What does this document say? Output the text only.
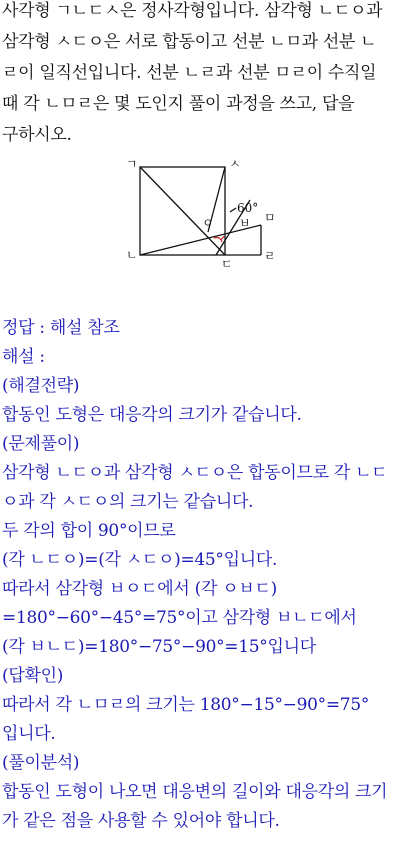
사각형 ㄱㄴㄷㅅ은 정사각형입니다. 삼각형 ㄴㄷㅇ과
삼각형 ㅅㄷㅇ은 서로 합동이고 선분 ㄴㅁ과 선분 ㄴ
ㄹ이 일직선입니다. 선분 ㄴㄹ과 선분 ㅁㄹ이 수직일
때 각 ㄴㅁㄹ은 몇 도인지 풀이 과정을 쓰고, 답을
구하시오.
ㄱ	ㅅ
ㄴ
ㄷ
ㅇ ㅂ ㅁ
ㄹ
60°
정답 : 해설 참조
해설 :
(해결전략)
합동인 도형은 대응각의 크기가 같습니다.
(문제풀이)
삼각형 ㄴㄷㅇ과 삼각형 ㅅㄷㅇ은 합동이므로 각 ㄴㄷ
ㅇ과 각 ㅅㄷㅇ의 크기는 같습니다.
두 각의 합이 90°이므로
(각 ㄴㄷㅇ)=(각 ㅅㄷㅇ)=45°입니다.
따라서 삼각형 ㅂㅇㄷ에서 (각 ㅇㅂㄷ)
=180°−60°−45°=75°이고 삼각형 ㅂㄴㄷ에서
(각 ㅂㄴㄷ)=180°−75°−90°=15°입니다
(답확인)
따라서 각 ㄴㅁㄹ의 크기는 180°−15°−90°=75°
입니다.
(풀이분석)
합동인 도형이 나오면 대응변의 길이와 대응각의 크기
가 같은 점을 사용할 수 있어야 합니다.
